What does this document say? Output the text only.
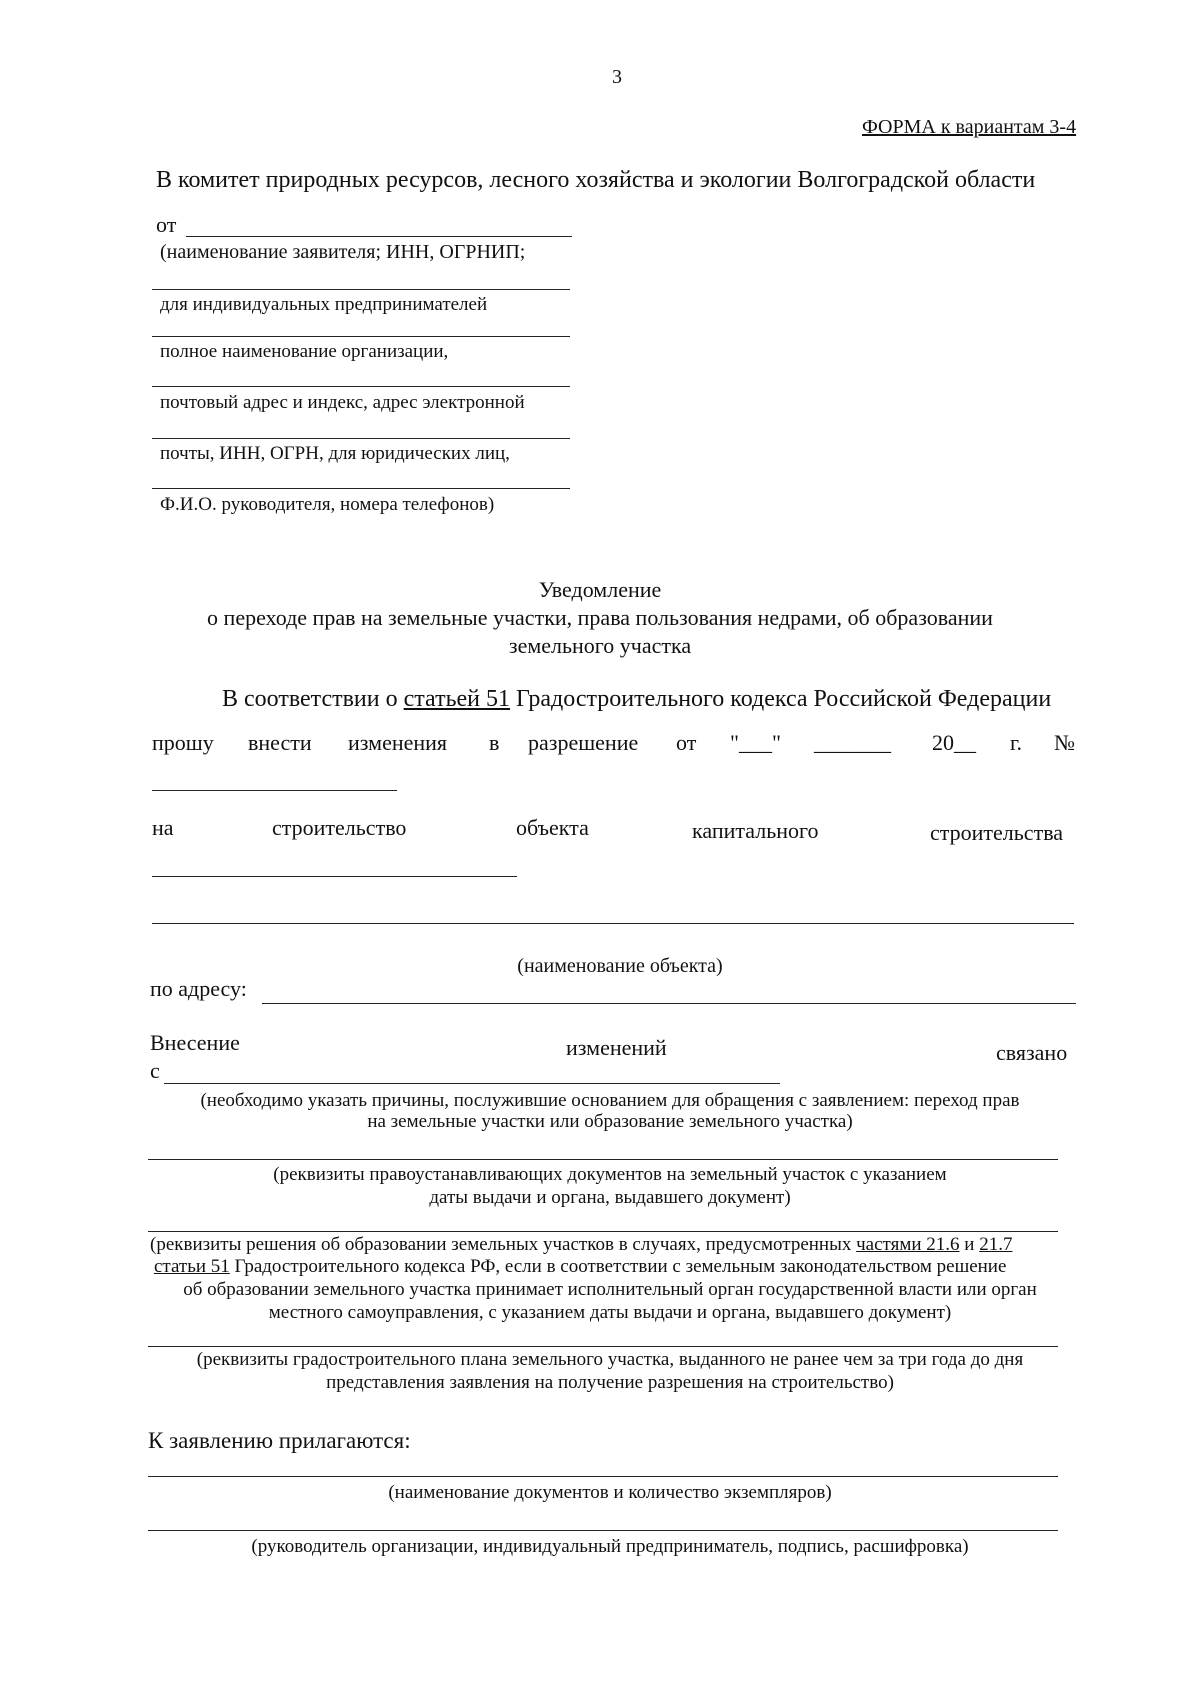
3
ФОРМА к вариантам 3-4
В комитет природных ресурсов, лесного хозяйства и экологии Волгоградской области
от
(наименование заявителя; ИНН, ОГРНИП;
для индивидуальных предпринимателей
полное наименование организации,
почтовый адрес и индекс, адрес электронной
почты, ИНН, ОГРН, для юридических лиц,
Ф.И.О. руководителя, номера телефонов)
Уведомление
о переходе прав на земельные участки, права пользования недрами, об образовании
земельного участка
В соответствии о статьей 51 Градостроительного кодекса Российской Федерации
прошу внести изменения в разрешение от "___" _______ 20__ г. №
на	строительство	объекта	капитального	строительства
(наименование объекта)
по адресу:
Внесение	изменений	связано
с
(необходимо указать причины, послужившие основанием для обращения с заявлением: переход прав
на земельные участки или образование земельного участка)
(реквизиты правоустанавливающих документов на земельный участок с указанием
даты выдачи и органа, выдавшего документ)
(реквизиты решения об образовании земельных участков в случаях, предусмотренных частями 21.6 и 21.7
статьи 51 Градостроительного кодекса РФ, если в соответствии с земельным законодательством решение
об образовании земельного участка принимает исполнительный орган государственной власти или орган
местного самоуправления, с указанием даты выдачи и органа, выдавшего документ)
(реквизиты градостроительного плана земельного участка, выданного не ранее чем за три года до дня
представления заявления на получение разрешения на строительство)
К заявлению прилагаются:
(наименование документов и количество экземпляров)
(руководитель организации, индивидуальный предприниматель, подпись, расшифровка)
